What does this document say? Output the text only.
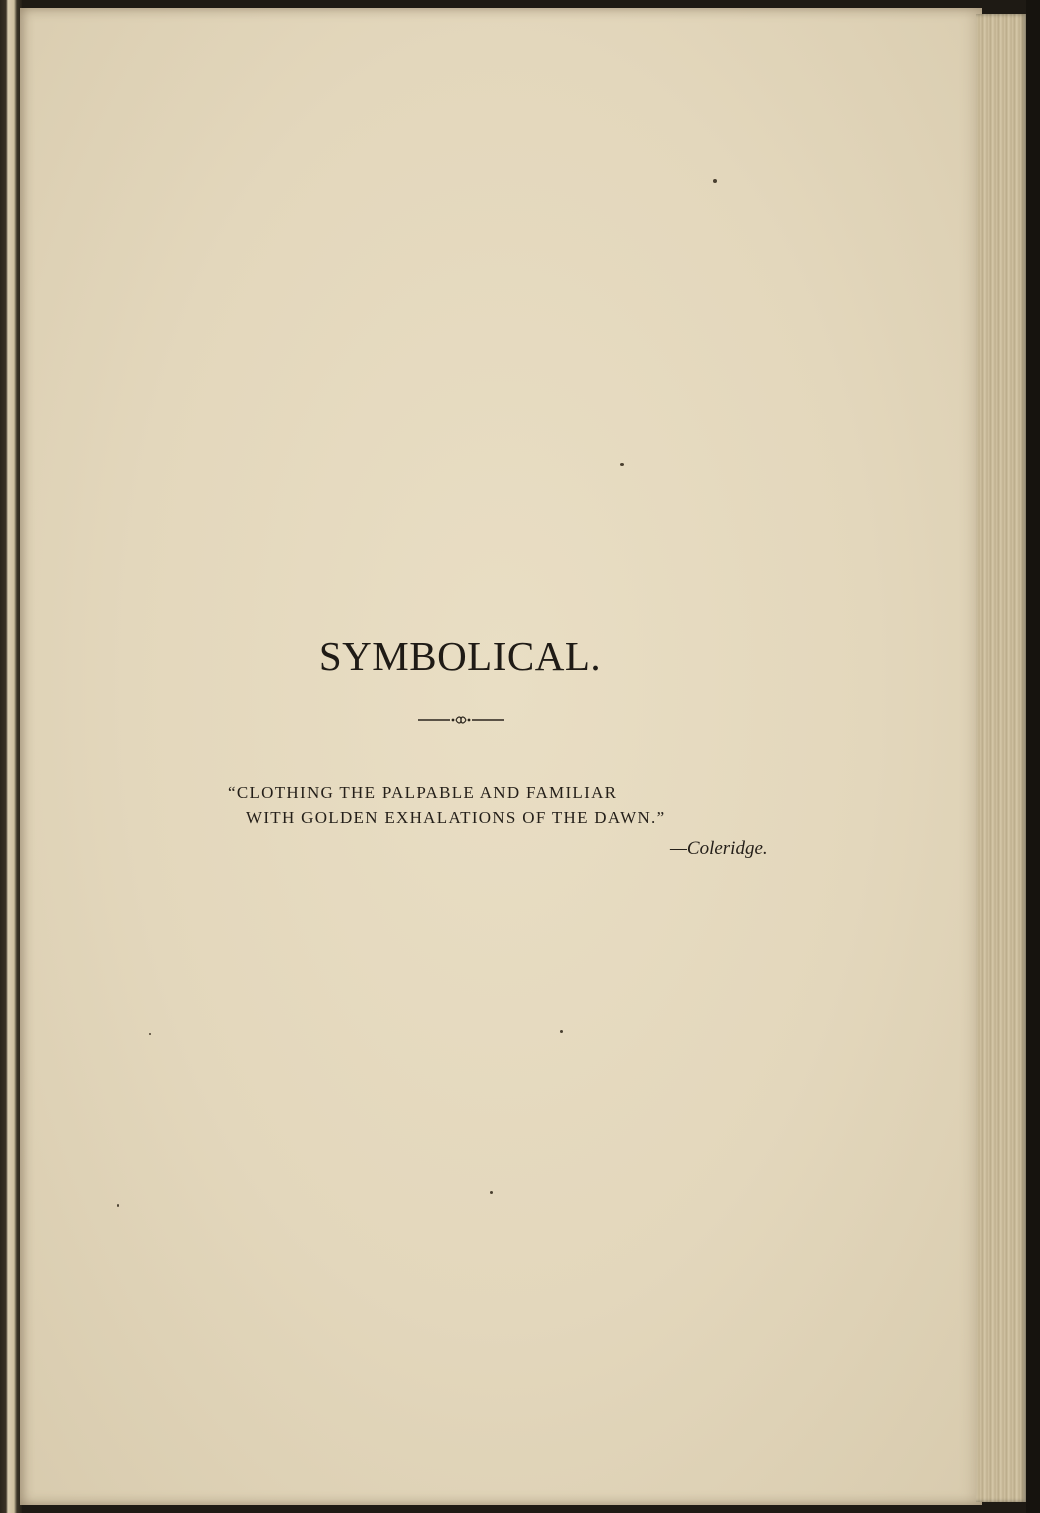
SYMBOLICAL.
“CLOTHING THE PALPABLE AND FAMILIAR
WITH GOLDEN EXHALATIONS OF THE DAWN.”
—Coleridge.
